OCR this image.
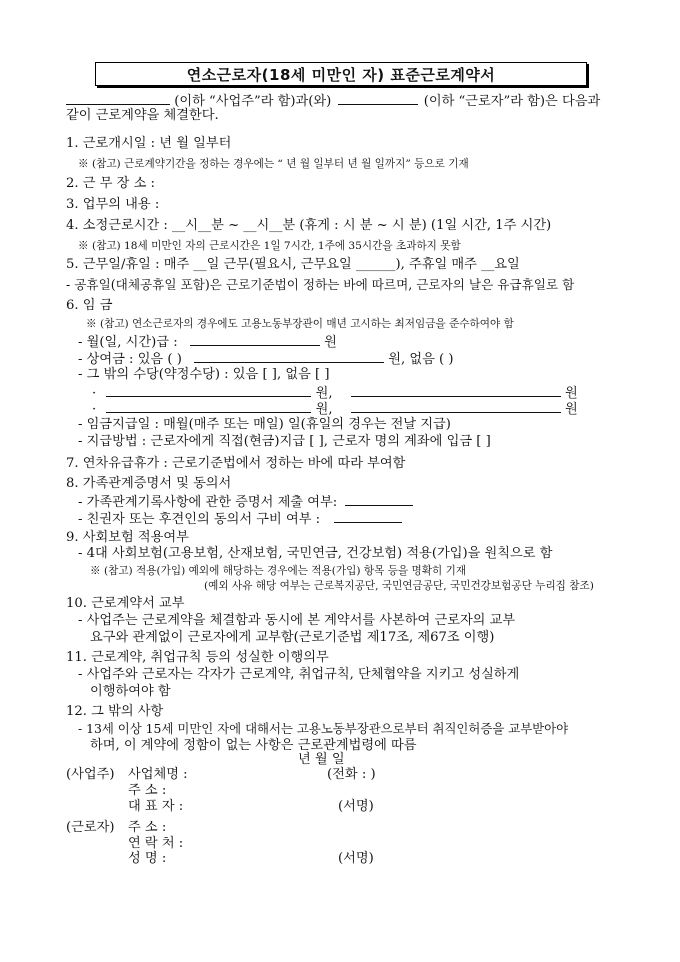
연소근로자(18세 미만인 자) 표준근로계약서
(이하 “사업주”라 함)과(와)	(이하 “근로자”라 함)은 다음과
같이 근로계약을 체결한다.
1. 근로개시일 : 년 월 일부터
※ (참고) 근로계약기간을 정하는 경우에는 “ 년 월 일부터 년 월 일까지” 등으로 기재
2. 근 무 장 소 :
3. 업무의 내용 :
4. 소정근로시간 : __시__분 ~ __시__분 (휴게 : 시 분 ~ 시 분) (1일 시간, 1주 시간)
※ (참고) 18세 미만인 자의 근로시간은 1일 7시간, 1주에 35시간을 초과하지 못함
5. 근무일/휴일 : 매주 __일 근무(필요시, 근무요일 ______), 주휴일 매주 __요일
- 공휴일(대체공휴일 포함)은 근로기준법이 정하는 바에 따르며, 근로자의 날은 유급휴일로 함
6. 임 금
※ (참고) 연소근로자의 경우에도 고용노동부장관이 매년 고시하는 최저임금을 준수하여야 함
- 월(일, 시간)급 :	원
- 상여금 : 있음 ( )	원, 없음 ( )
- 그 밖의 수당(약정수당) : 있음 [ ], 없음 [ ]
·	원,	원
·	원,	원
- 임금지급일 : 매월(매주 또는 매일) 일(휴일의 경우는 전날 지급)
- 지급방법 : 근로자에게 직접(현금)지급 [ ], 근로자 명의 계좌에 입금 [ ]
7. 연차유급휴가 : 근로기준법에서 정하는 바에 따라 부여함
8. 가족관계증명서 및 동의서
- 가족관계기록사항에 관한 증명서 제출 여부:
- 친권자 또는 후견인의 동의서 구비 여부 :
9. 사회보험 적용여부
- 4대 사회보험(고용보험, 산재보험, 국민연금, 건강보험) 적용(가입)을 원칙으로 함
※ (참고) 적용(가입) 예외에 해당하는 경우에는 적용(가입) 항목 등을 명확히 기재
(예외 사유 해당 여부는 근로복지공단, 국민연금공단, 국민건강보험공단 누리집 참조)
10. 근로계약서 교부
- 사업주는 근로계약을 체결함과 동시에 본 계약서를 사본하여 근로자의 교부
요구와 관계없이 근로자에게 교부함(근로기준법 제17조, 제67조 이행)
11. 근로계약, 취업규칙 등의 성실한 이행의무
- 사업주와 근로자는 각자가 근로계약, 취업규칙, 단체협약을 지키고 성실하게
이행하여야 함
12. 그 밖의 사항
- 13세 이상 15세 미만인 자에 대해서는 고용노동부장관으로부터 취직인허증을 교부받아야
하며, 이 계약에 정함이 없는 사항은 근로관계법령에 따름
년 월 일
(사업주) 사업체명 :	(전화 : )
주 소 :
대 표 자 :	(서명)
(근로자) 주 소 :
연 락 처 :
성 명 :	(서명)
